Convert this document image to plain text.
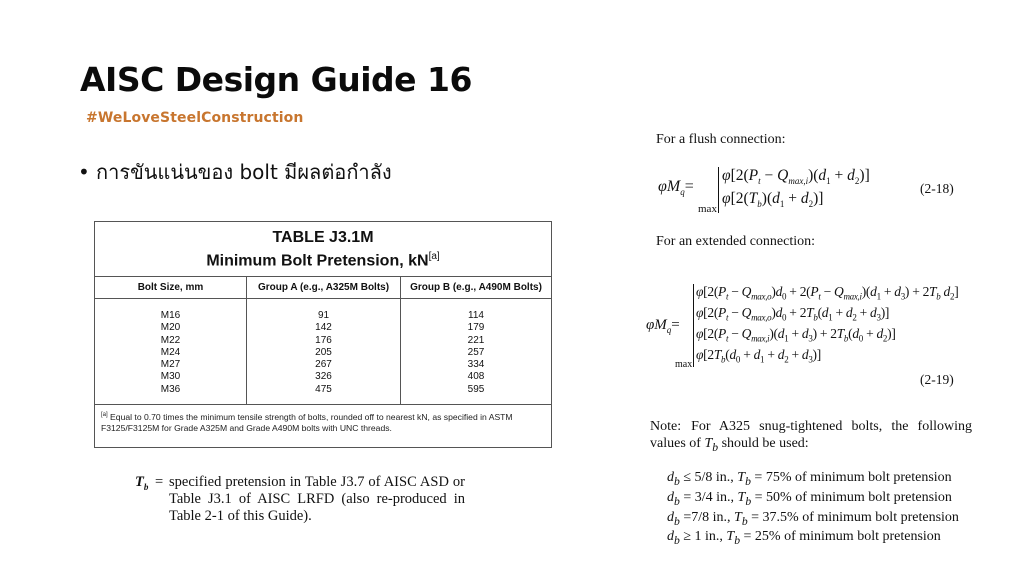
AISC Design Guide 16
#WeLoveSteelConstruction
• การขันแน่นของ bolt มีผลต่อกำลัง
TABLE J3.1M
Minimum Bolt Pretension, kN[a]
Bolt Size, mm	Group A (e.g., A325M Bolts)	Group B (e.g., A490M Bolts)
M16
M20
M22
M24
M27
M30
M36
91
142
176
205
267
326
475
114
179
221
257
334
408
595
[a] Equal to 0.70 times the minimum tensile strength of bolts, rounded off to nearest kN, as specified in ASTM F3125/F3125M for Grade A325M and Grade A490M bolts with UNC threads.
$T_b$ = specified pretension in Table J3.7 of AISC ASD or Table J3.1 of AISC LRFD (also re-produced in Table 2-1 of this Guide).
For a flush connection:
$\varphi M_q=$
max
$\varphi[2(P_t - Q_{max,i})(d_1 + d_2)]$
$\varphi[2(T_b)(d_1 + d_2)]$
(2-18)
For an extended connection:
$\varphi M_q=$
max
$\varphi[2(P_t - Q_{max,o})d_0 + 2(P_t - Q_{max,i})(d_1 + d_3) + 2T_b$ $d_2$]
$\varphi[2(P_t - Q_{max,o})d_0 + 2T_b(d_1 + d_2 + d_3)]$
$\varphi[2(P_t - Q_{max,i})(d_1 + d_3) + 2T_b(d_0 + d_2)]$
$\varphi[2T_b(d_0 + d_1 + d_2 + d_3)]$
(2-19)
Note: For A325 snug-tightened bolts, the following values of $T_b$ should be used:
$d_b \le 5/8$ in., $T_b = 75\%$ of minimum bolt pretension
$d_b = 3/4$ in., $T_b = 50\%$ of minimum bolt pretension
$d_b =7/8$ in., $T_b = 37.5\%$ of minimum bolt pretension
$d_b \ge 1$ in., $T_b = 25\%$ of minimum bolt pretension
